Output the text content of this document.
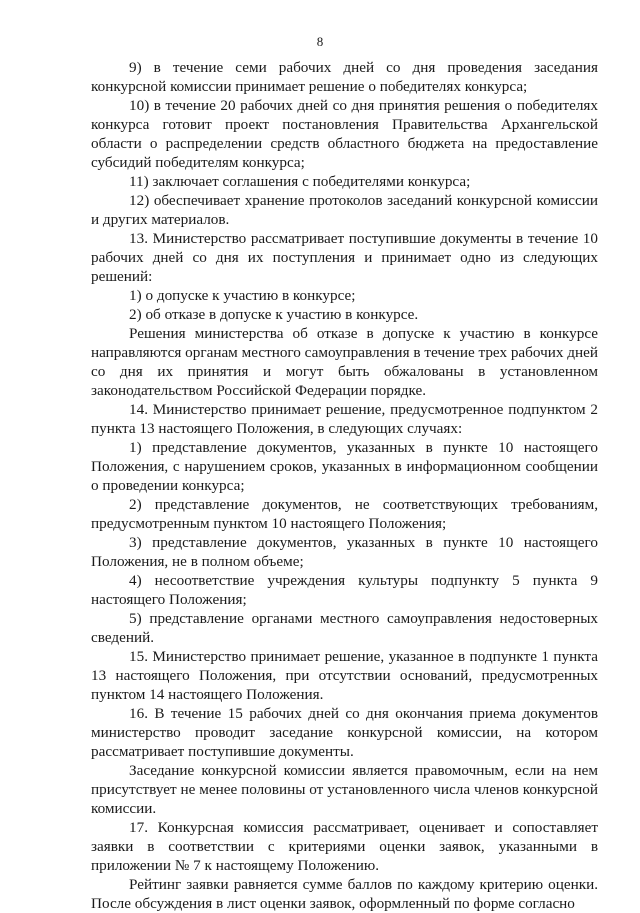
8

9) в течение семи рабочих дней со дня проведения заседания конкурсной комиссии принимает решение о победителях конкурса;

10) в течение 20 рабочих дней со дня принятия решения о победителях конкурса готовит проект постановления Правительства Архангельской области о распределении средств областного бюджета на предоставление субсидий победителям конкурса;

11) заключает соглашения с победителями конкурса;

12) обеспечивает хранение протоколов заседаний конкурсной комиссии и других материалов.

13. Министерство рассматривает поступившие документы в течение 10 рабочих дней со дня их поступления и принимает одно из следующих решений:

1) о допуске к участию в конкурсе;

2) об отказе в допуске к участию в конкурсе.

Решения министерства об отказе в допуске к участию в конкурсе направляются органам местного самоуправления в течение трех рабочих дней со дня их принятия и могут быть обжалованы в установленном законодательством Российской Федерации порядке.

14. Министерство принимает решение, предусмотренное подпунктом 2 пункта 13 настоящего Положения, в следующих случаях:

1) представление документов, указанных в пункте 10 настоящего Положения, с нарушением сроков, указанных в информационном сообщении о проведении конкурса;

2) представление документов, не соответствующих требованиям, предусмотренным пунктом 10 настоящего Положения;

3) представление документов, указанных в пункте 10 настоящего Положения, не в полном объеме;

4) несоответствие учреждения культуры подпункту 5 пункта 9 настоящего Положения;

5) представление органами местного самоуправления недостоверных сведений.

15. Министерство принимает решение, указанное в подпункте 1 пункта 13 настоящего Положения, при отсутствии оснований, предусмотренных пунктом 14 настоящего Положения.

16. В течение 15 рабочих дней со дня окончания приема документов министерство проводит заседание конкурсной комиссии, на котором рассматривает поступившие документы.

Заседание конкурсной комиссии является правомочным, если на нем присутствует не менее половины от установленного числа членов конкурсной комиссии.

17. Конкурсная комиссия рассматривает, оценивает и сопоставляет заявки в соответствии с критериями оценки заявок, указанными в приложении № 7 к настоящему Положению.

Рейтинг заявки равняется сумме баллов по каждому критерию оценки. После обсуждения в лист оценки заявок, оформленный по форме согласно
